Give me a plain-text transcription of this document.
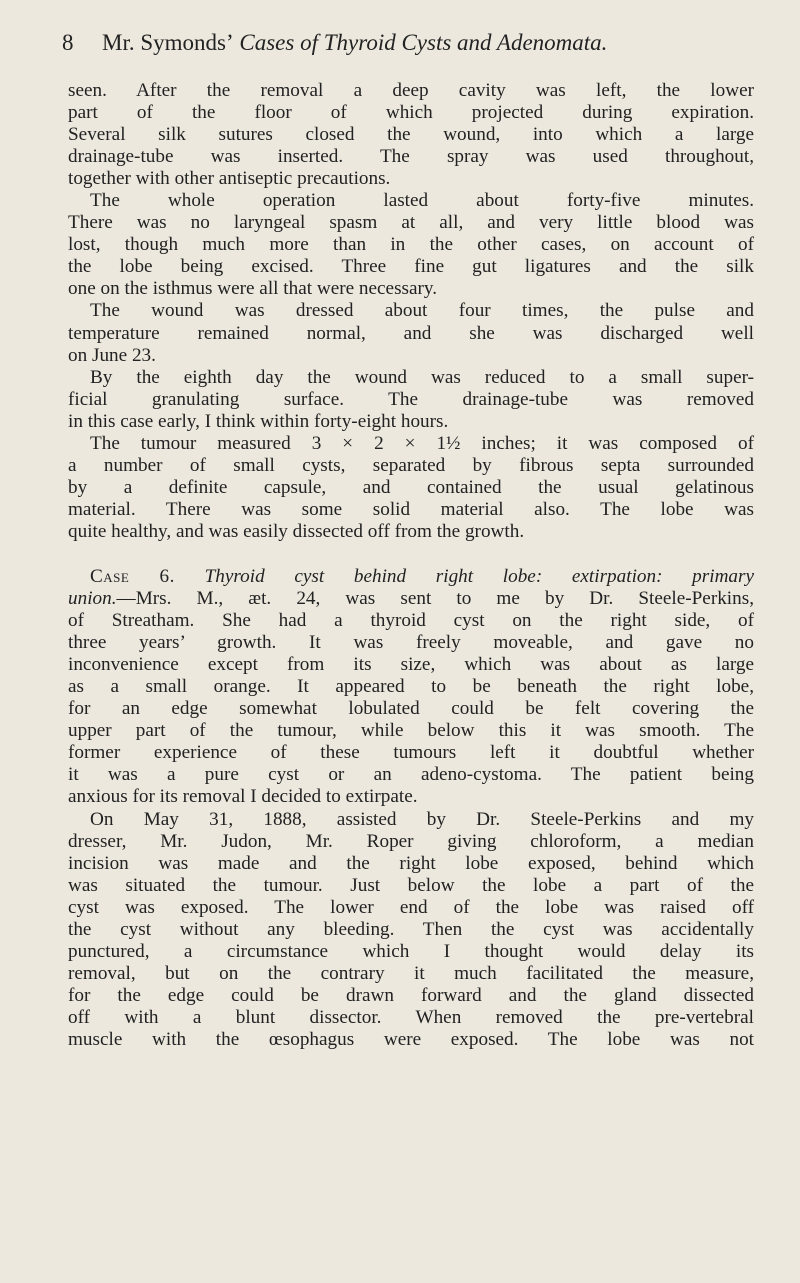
8 Mr. Symonds’ Cases of Thyroid Cysts and Adenomata.
seen. After the removal a deep cavity was left, the lower
part of the floor of which projected during expiration.
Several silk sutures closed the wound, into which a large
drainage-tube was inserted. The spray was used throughout,
together with other antiseptic precautions.
The whole operation lasted about forty-five minutes.
There was no laryngeal spasm at all, and very little blood was
lost, though much more than in the other cases, on account of
the lobe being excised. Three fine gut ligatures and the silk
one on the isthmus were all that were necessary.
The wound was dressed about four times, the pulse and
temperature remained normal, and she was discharged well
on June 23.
By the eighth day the wound was reduced to a small super-
ficial granulating surface. The drainage-tube was removed
in this case early, I think within forty-eight hours.
The tumour measured 3 × 2 × 1½ inches; it was composed of
a number of small cysts, separated by fibrous septa surrounded
by a definite capsule, and contained the usual gelatinous
material. There was some solid material also. The lobe was
quite healthy, and was easily dissected off from the growth.
Case 6. Thyroid cyst behind right lobe: extirpation: primary
union.—Mrs. M., æt. 24, was sent to me by Dr. Steele-Perkins,
of Streatham. She had a thyroid cyst on the right side, of
three years’ growth. It was freely moveable, and gave no
inconvenience except from its size, which was about as large
as a small orange. It appeared to be beneath the right lobe,
for an edge somewhat lobulated could be felt covering the
upper part of the tumour, while below this it was smooth. The
former experience of these tumours left it doubtful whether
it was a pure cyst or an adeno-cystoma. The patient being
anxious for its removal I decided to extirpate.
On May 31, 1888, assisted by Dr. Steele-Perkins and my
dresser, Mr. Judon, Mr. Roper giving chloroform, a median
incision was made and the right lobe exposed, behind which
was situated the tumour. Just below the lobe a part of the
cyst was exposed. The lower end of the lobe was raised off
the cyst without any bleeding. Then the cyst was accidentally
punctured, a circumstance which I thought would delay its
removal, but on the contrary it much facilitated the measure,
for the edge could be drawn forward and the gland dissected
off with a blunt dissector. When removed the pre-vertebral
muscle with the œsophagus were exposed. The lobe was not
